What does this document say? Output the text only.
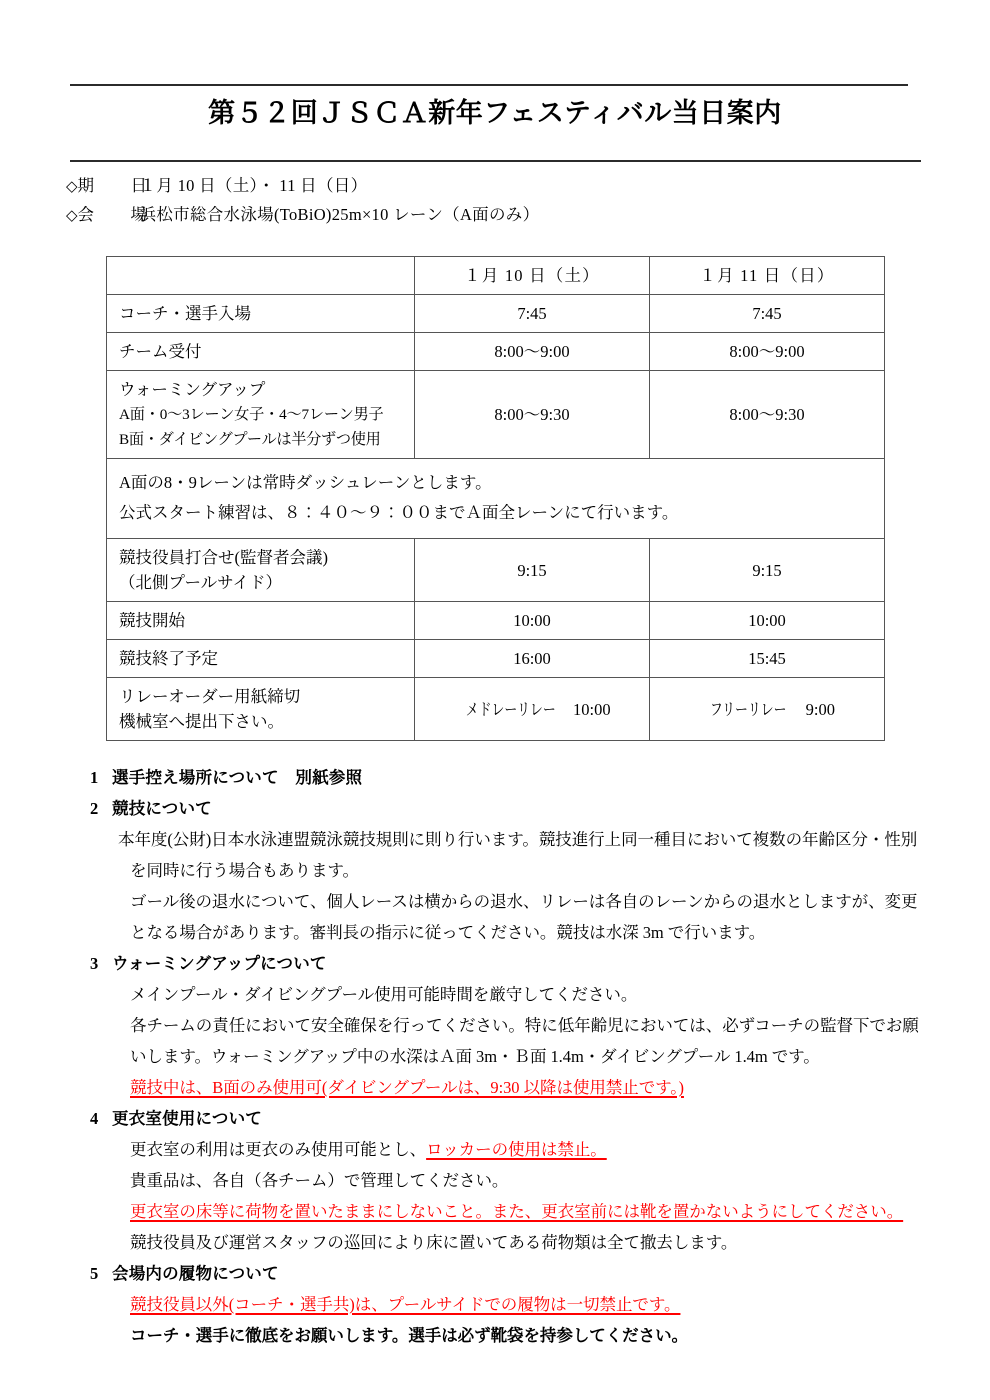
第５２回ＪＳＣＡ新年フェスティバル当日案内
◇期　日１月 10 日（土）・ 11 日（日）
◇会　場浜松市総合水泳場(ToBiO)25m×10 レーン（A面のみ）

	１月 10 日（土）	１月 11 日（日）

コーチ・選手入場	7:45	7:45

チーム受付	8:00〜9:00	8:00〜9:00

ウォーミングアップ
A面・0〜3レーン女子・4〜7レーン男子
B面・ダイビングプールは半分ずつ使用	8:00〜9:30	8:00〜9:30

A面の8・9レーンは常時ダッシュレーンとします。
公式スタート練習は、８：４０〜９：００までＡ面全レーンにて行います。		

競技役員打合せ(監督者会議)
（北側プールサイド）	9:15	9:15

競技開始	10:00	10:00

競技終了予定	16:00	15:45

リレーオーダー用紙締切
機械室へ提出下さい。	メドレーリレー 10:00	フリーリレー 9:00
1 選手控え場所について　別紙参照
2 競技について
本年度(公財)日本水泳連盟競泳競技規則に則り行います。競技進行上同一種目において複数の年齢区分・性別を同時に行う場合もあります。
ゴール後の退水について、個人レースは横からの退水、リレーは各自のレーンからの退水としますが、変更となる場合があります。審判長の指示に従ってください。競技は水深 3m で行います。
3 ウォーミングアップについて
メインプール・ダイビングプール使用可能時間を厳守してください。
各チームの責任において安全確保を行ってください。特に低年齢児においては、必ずコーチの監督下でお願いします。ウォーミングアップ中の水深はＡ面 3m・Ｂ面 1.4m・ダイビングプール 1.4m です。
競技中は、B面のみ使用可(ダイビングプールは、9:30 以降は使用禁止です。)
4 更衣室使用について
更衣室の利用は更衣のみ使用可能とし、ロッカーの使用は禁止。
貴重品は、各自（各チーム）で管理してください。
更衣室の床等に荷物を置いたままにしないこと。また、更衣室前には靴を置かないようにしてください。
競技役員及び運営スタッフの巡回により床に置いてある荷物類は全て撤去します。
5 会場内の履物について
競技役員以外(コーチ・選手共)は、プールサイドでの履物は一切禁止です。
コーチ・選手に徹底をお願いします。選手は必ず靴袋を持参してください。
